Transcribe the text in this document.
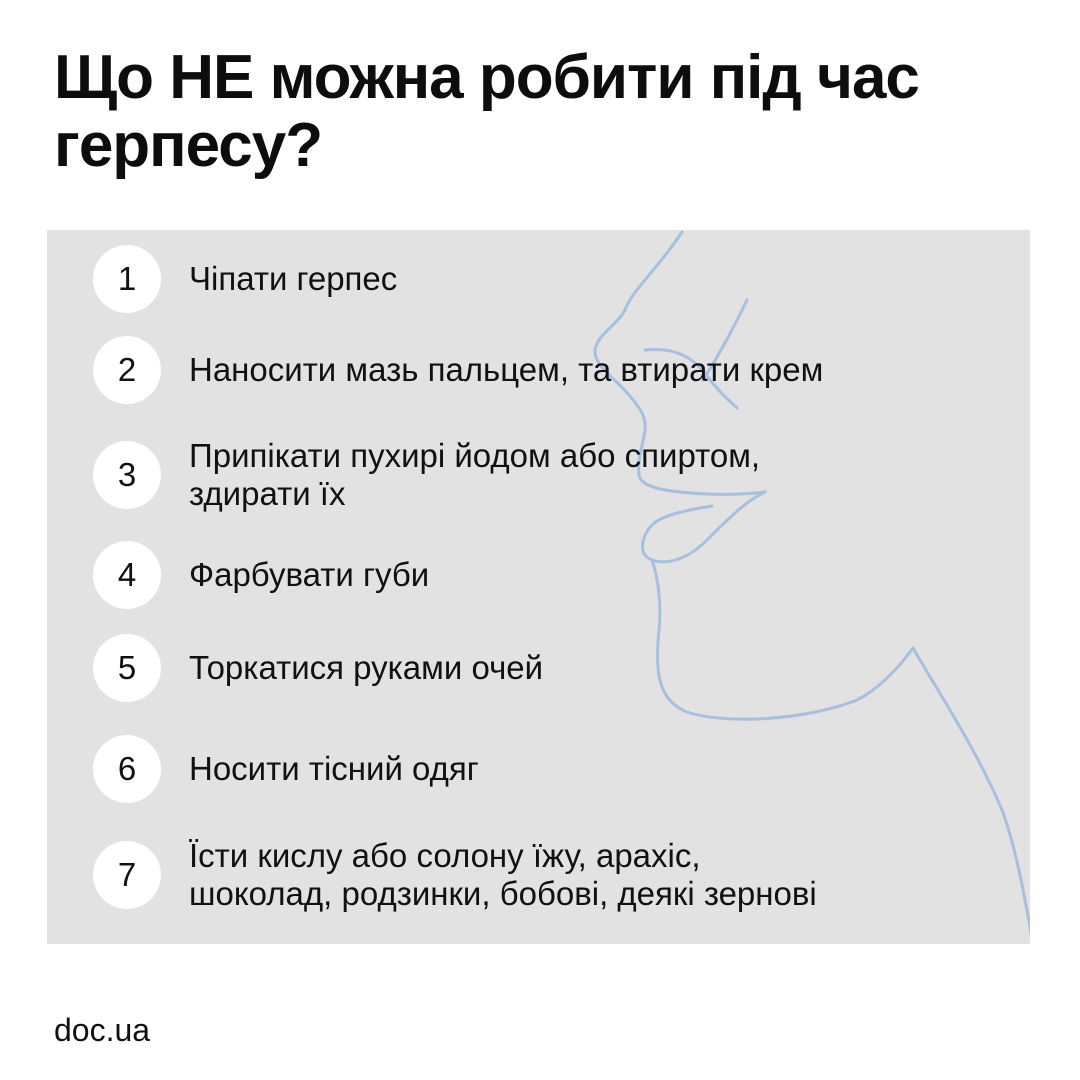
Що НЕ можна робити під час герпесу?
1	Чіпати герпес
2	Наносити мазь пальцем, та втирати крем
3
Припікати пухирі йодом або спиртом,
здирати їх
4	Фарбувати губи
5	Торкатися руками очей
6	Носити тісний одяг
7
Їсти кислу або солону їжу, арахіс,
шоколад, родзинки, бобові, деякі зернові
doc.ua
